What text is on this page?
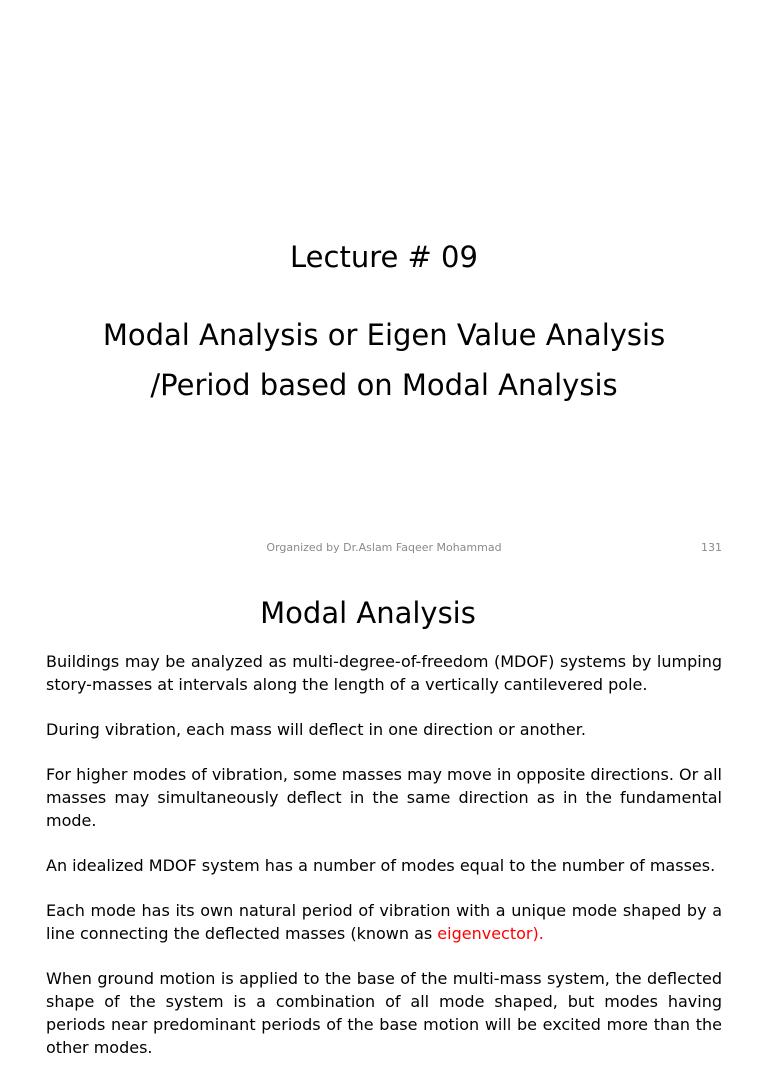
Lecture # 09
Modal Analysis or Eigen Value Analysis
/Period based on Modal Analysis
Organized by Dr.Aslam Faqeer Mohammad	131
Modal Analysis

Buildings may be analyzed as multi-degree-of-freedom (MDOF) systems by lumping story-masses at intervals along the length of a vertically cantilevered pole.

During vibration, each mass will deflect in one direction or another.

For higher modes of vibration, some masses may move in opposite directions. Or all masses may simultaneously deflect in the same direction as in the fundamental mode.

An idealized MDOF system has a number of modes equal to the number of masses.

Each mode has its own natural period of vibration with a unique mode shaped by a line connecting the deflected masses (known as eigenvector).

When ground motion is applied to the base of the multi-mass system, the deflected shape of the system is a combination of all mode shaped, but modes having periods near predominant periods of the base motion will be excited more than the other modes.
